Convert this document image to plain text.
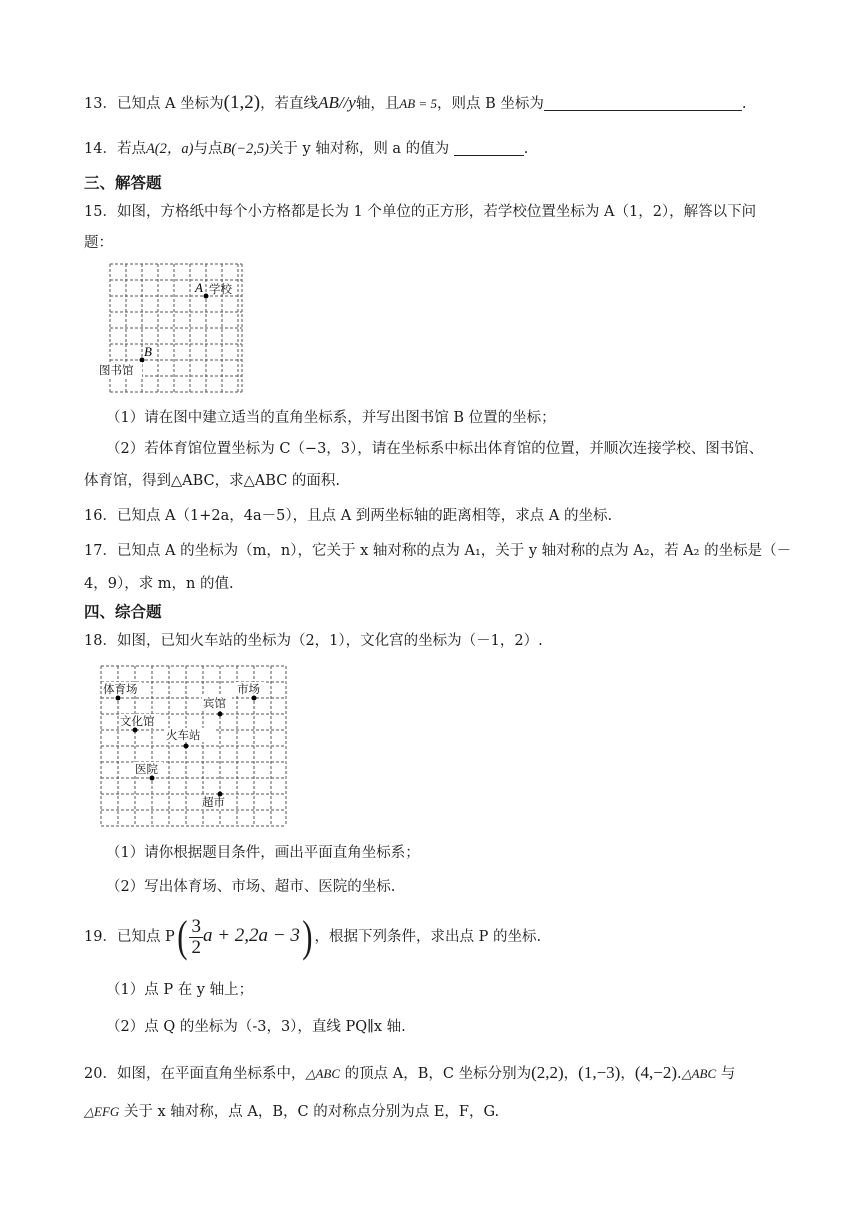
13．已知点 A 坐标为(1,2)，若直线AB//y轴，且AB = 5，则点 B 坐标为	.
14．若点A(2，a)与点B(−2,5)关于 y 轴对称，则 a 的值为	.
三、解答题
15．如图，方格纸中每个小方格都是长为 1 个单位的正方形，若学校位置坐标为 A（1，2），解答以下问
题：
A 学校
B
图书馆
（1）请在图中建立适当的直角坐标系，并写出图书馆 B 位置的坐标；
（2）若体育馆位置坐标为 C（−3，3），请在坐标系中标出体育馆的位置，并顺次连接学校、图书馆、
体育馆，得到△ABC，求△ABC 的面积.
16．已知点 A（1+2a，4a－5），且点 A 到两坐标轴的距离相等，求点 A 的坐标.
17．已知点 A 的坐标为（m，n），它关于 x 轴对称的点为 A₁，关于 y 轴对称的点为 A₂，若 A₂ 的坐标是（－
4，9），求 m，n 的值.
四、综合题
18．如图，已知火车站的坐标为（2，1），文化宫的坐标为（－1，2）.
体育场	市场
宾馆
文化馆
火车站
医院
超市
（1）请你根据题目条件，画出平面直角坐标系；
（2）写出体育场、市场、超市、医院的坐标.
19．已知点 $P( \frac{3}{2}$ a + 2,2a − 3) ，根据下列条件，求出点 P 的坐标.
（1）点 P 在 y 轴上；
（2）点 Q 的坐标为（-3，3），直线 PQ∥x 轴.
20．如图，在平面直角坐标系中，△ABC 的顶点 A，B，C 坐标分别为(2,2)，(1,−3)，(4,−2).△ABC 与
△EFG 关于 x 轴对称，点 A，B，C 的对称点分别为点 E，F，G.
